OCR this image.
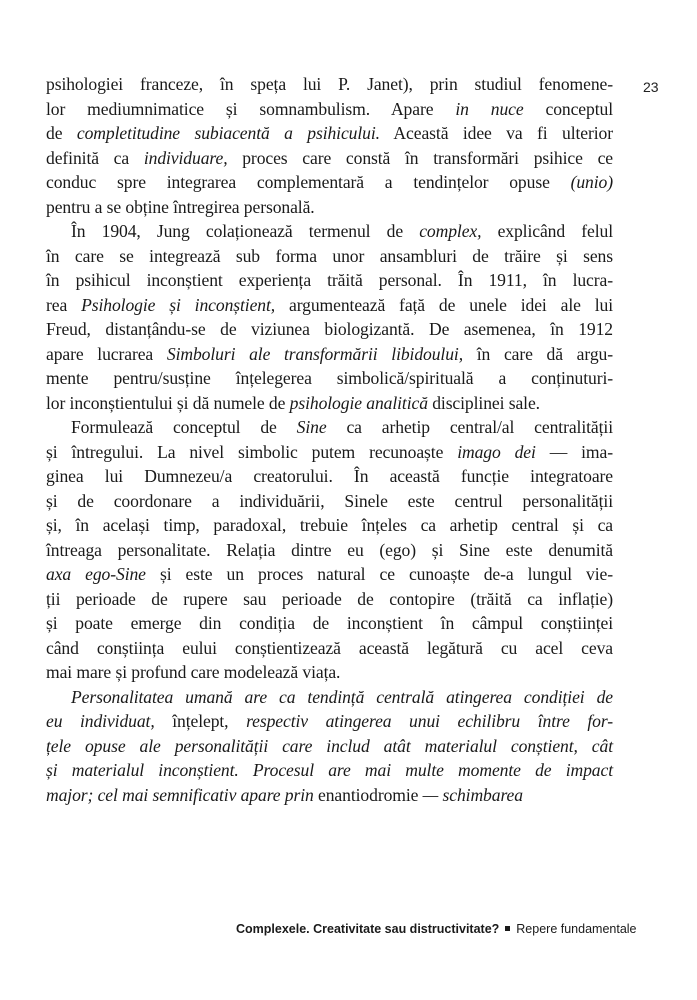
23
psihologiei franceze, în speța lui P. Janet), prin studiul fenomene-
lor mediumnimatice și somnambulism. Apare in nuce conceptul
de completitudine subiacentă a psihicului. Această idee va fi ulterior
definită ca individuare, proces care constă în transformări psihice ce
conduc spre integrarea complementară a tendințelor opuse (unio)
pentru a se obține întregirea personală.
În 1904, Jung colaționează termenul de complex, explicând felul
în care se integrează sub forma unor ansambluri de trăire și sens
în psihicul inconștient experiența trăită personal. În 1911, în lucra-
rea Psihologie și inconștient, argumentează față de unele idei ale lui
Freud, distanțându-se de viziunea biologizantă. De asemenea, în 1912
apare lucrarea Simboluri ale transformării libidoului, în care dă argu-
mente pentru/susține înțelegerea simbolică/spirituală a conținuturi-
lor inconștientului și dă numele de psihologie analitică disciplinei sale.
Formulează conceptul de Sine ca arhetip central/al centralității
și întregului. La nivel simbolic putem recunoaște imago dei — ima-
ginea lui Dumnezeu/a creatorului. În această funcție integratoare
și de coordonare a individuării, Sinele este centrul personalității
și, în același timp, paradoxal, trebuie înțeles ca arhetip central și ca
întreaga personalitate. Relația dintre eu (ego) și Sine este denumită
axa ego-Sine și este un proces natural ce cunoaște de-a lungul vie-
ții perioade de rupere sau perioade de contopire (trăită ca inflație)
și poate emerge din condiția de inconștient în câmpul conștiinței
când conștiința eului conștientizează această legătură cu acel ceva
mai mare și profund care modelează viața.
Personalitatea umană are ca tendință centrală atingerea condiției de
eu individuat, înțelept, respectiv atingerea unui echilibru între for-
țele opuse ale personalității care includ atât materialul conștient, cât
și materialul inconștient. Procesul are mai multe momente de impact
major; cel mai semnificativ apare prin enantiodromie — schimbarea
Complexele. Creativitate sau distructivitate? Repere fundamentale
